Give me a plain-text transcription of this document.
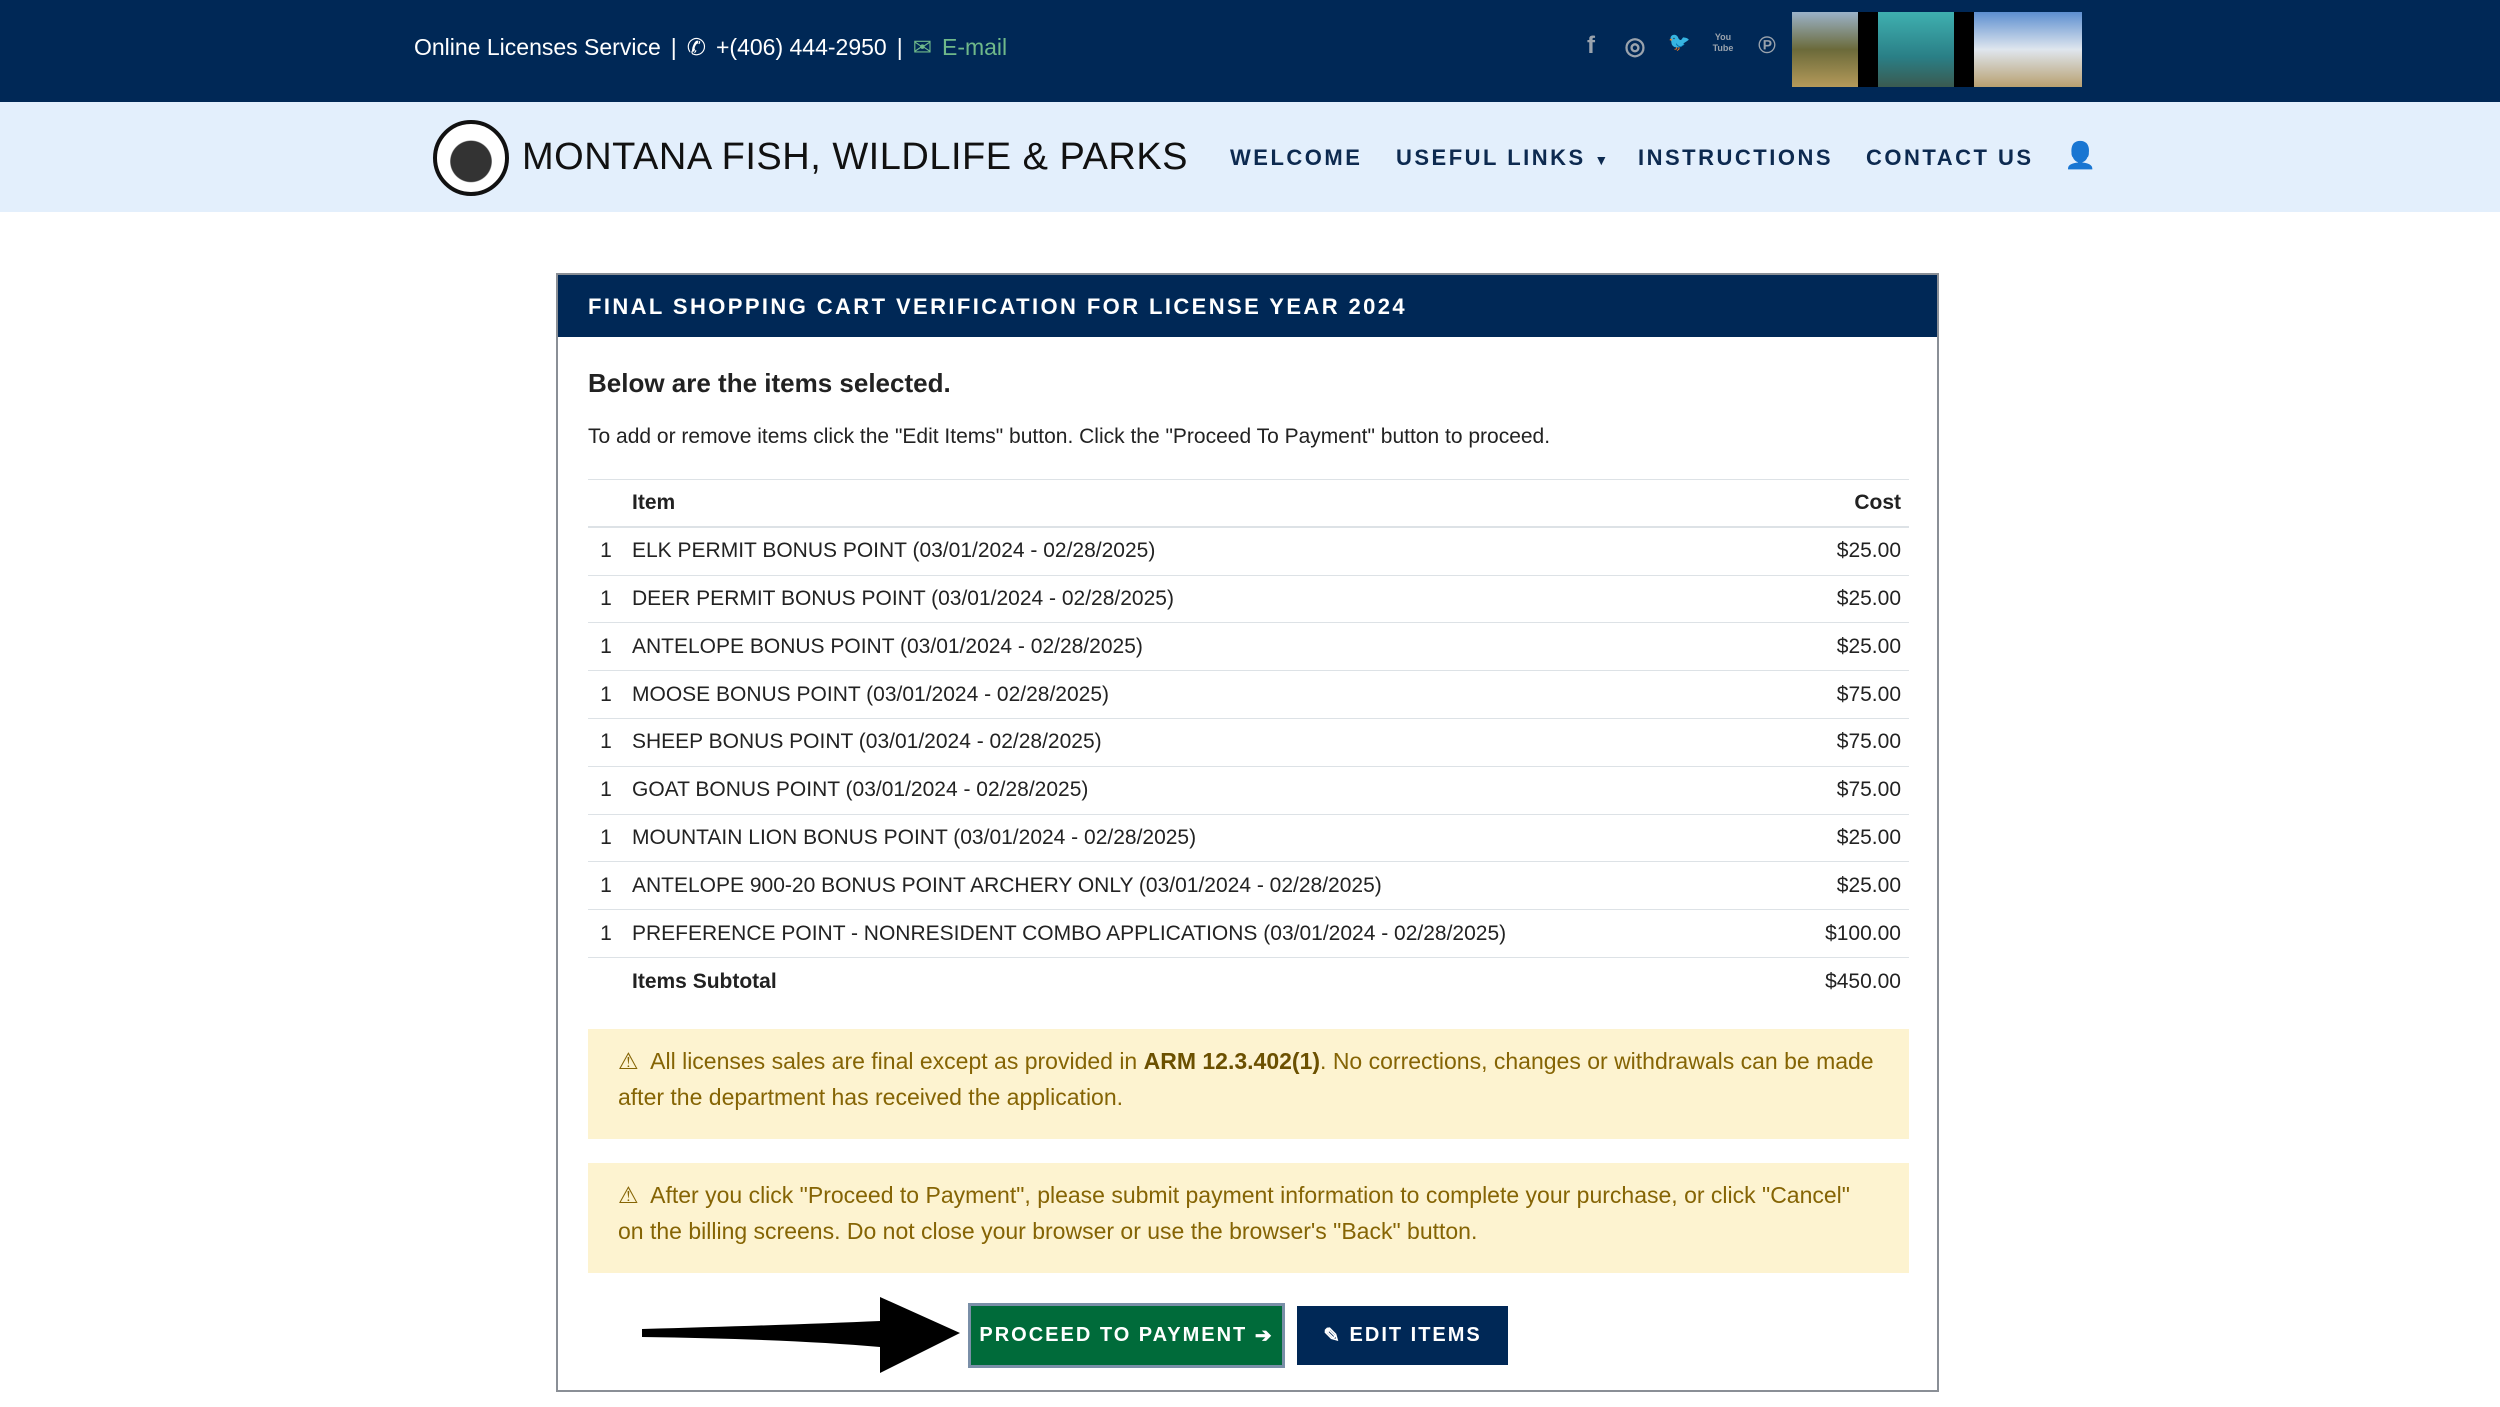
Online Licenses Service | ✆ +(406) 444-2950 | ✉ E-mail	f ◎ 🐦	You Tube ℗
MONTANA FISH, WILDLIFE & PARKS WELCOME USEFUL LINKS ▼ INSTRUCTIONS CONTACT US 👤
FINAL SHOPPING CART VERIFICATION FOR LICENSE YEAR 2024
Below are the items selected.
To add or remove items click the "Edit Items" button. Click the "Proceed To Payment" button to proceed.
	Item	Cost
1	ELK PERMIT BONUS POINT (03/01/2024 - 02/28/2025)	$25.00
1	DEER PERMIT BONUS POINT (03/01/2024 - 02/28/2025)	$25.00
1	ANTELOPE BONUS POINT (03/01/2024 - 02/28/2025)	$25.00
1	MOOSE BONUS POINT (03/01/2024 - 02/28/2025)	$75.00
1	SHEEP BONUS POINT (03/01/2024 - 02/28/2025)	$75.00
1	GOAT BONUS POINT (03/01/2024 - 02/28/2025)	$75.00
1	MOUNTAIN LION BONUS POINT (03/01/2024 - 02/28/2025)	$25.00
1	ANTELOPE 900-20 BONUS POINT ARCHERY ONLY (03/01/2024 - 02/28/2025)	$25.00
1	PREFERENCE POINT - NONRESIDENT COMBO APPLICATIONS (03/01/2024 - 02/28/2025)	$100.00
	Items Subtotal	$450.00
⚠ All licenses sales are final except as provided in ARM 12.3.402(1). No corrections, changes or withdrawals can be made after the department has received the application.
⚠ After you click "Proceed to Payment", please submit payment information to complete your purchase, or click "Cancel" on the billing screens. Do not close your browser or use the browser's "Back" button.
PROCEED TO PAYMENT
➔ ✎
EDIT ITEMS
